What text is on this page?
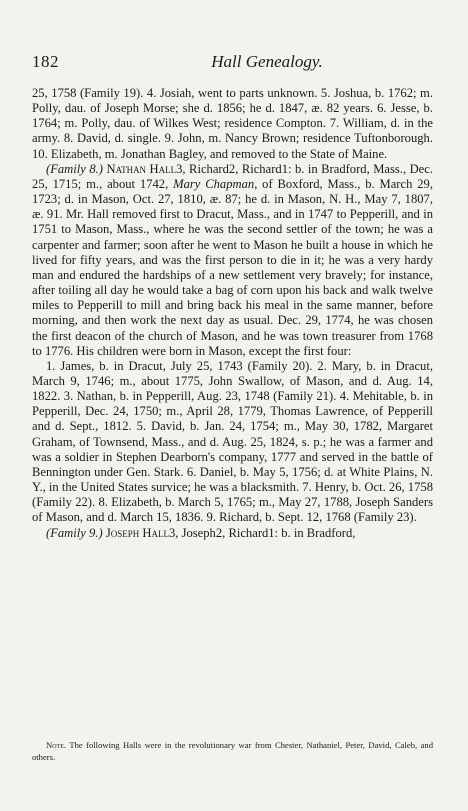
182	Hall Genealogy.

25, 1758 (Family 19). 4. Josiah, went to parts unknown. 5. Joshua, b. 1762; m. Polly, dau. of Joseph Morse; she d. 1856; he d. 1847, æ. 82 years. 6. Jesse, b. 1764; m. Polly, dau. of Wilkes West; residence Compton. 7. William, d. in the army. 8. David, d. single. 9. John, m. Nancy Brown; residence Tuftonborough. 10. Elizabeth, m. Jonathan Bagley, and removed to the State of Maine.

(Family 8.) Nathan Hall3, Richard2, Richard1: b. in Bradford, Mass., Dec. 25, 1715; m., about 1742, Mary Chapman, of Boxford, Mass., b. March 29, 1723; d. in Mason, Oct. 27, 1810, æ. 87; he d. in Mason, N. H., May 7, 1807, æ. 91. Mr. Hall removed first to Dracut, Mass., and in 1747 to Pepperill, and in 1751 to Mason, Mass., where he was the second settler of the town; he was a carpenter and farmer; soon after he went to Mason he built a house in which he lived for fifty years, and was the first person to die in it; he was a very hardy man and endured the hardships of a new settlement very bravely; for instance, after toiling all day he would take a bag of corn upon his back and walk twelve miles to Pepperill to mill and bring back his meal in the same manner, before morning, and then work the next day as usual. Dec. 29, 1774, he was chosen the first deacon of the church of Mason, and he was town treasurer from 1768 to 1776. His children were born in Mason, except the first four:

1. James, b. in Dracut, July 25, 1743 (Family 20). 2. Mary, b. in Dracut, March 9, 1746; m., about 1775, John Swallow, of Mason, and d. Aug. 14, 1822. 3. Nathan, b. in Pepperill, Aug. 23, 1748 (Family 21). 4. Mehitable, b. in Pepperill, Dec. 24, 1750; m., April 28, 1779, Thomas Lawrence, of Pepperill and d. Sept., 1812. 5. David, b. Jan. 24, 1754; m., May 30, 1782, Margaret Graham, of Townsend, Mass., and d. Aug. 25, 1824, s. p.; he was a farmer and was a soldier in Stephen Dearborn's company, 1777 and served in the battle of Bennington under Gen. Stark. 6. Daniel, b. May 5, 1756; d. at White Plains, N. Y., in the United States survice; he was a blacksmith. 7. Henry, b. Oct. 26, 1758 (Family 22). 8. Elizabeth, b. March 5, 1765; m., May 27, 1788, Joseph Sanders of Mason, and d. March 15, 1836. 9. Richard, b. Sept. 12, 1768 (Family 23).

(Family 9.) Joseph Hall3, Joseph2, Richard1: b. in Bradford,

Note. The following Halls were in the revolutionary war from Chester, Nathaniel, Peter, David, Caleb, and others.
